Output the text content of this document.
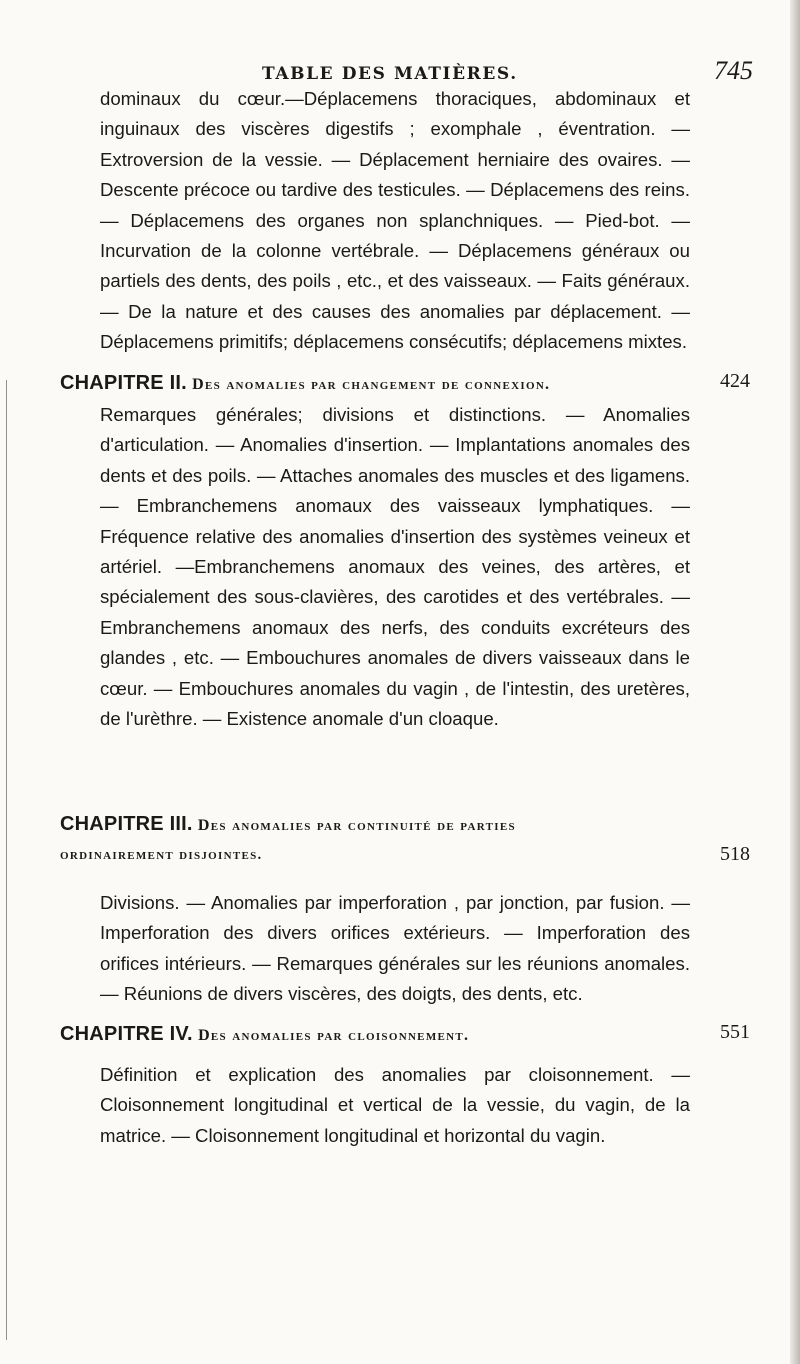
TABLE DES MATIÈRES.	745
dominaux du cœur.—Déplacemens thoraciques, abdominaux et inguinaux des viscères digestifs ; exomphale , éventration. — Extroversion de la vessie. — Déplacement herniaire des ovaires. — Descente précoce ou tardive des testicules. — Déplacemens des reins. — Déplacemens des organes non splanchniques. — Pied-bot. — Incurvation de la colonne vertébrale. — Déplacemens généraux ou partiels des dents, des poils , etc., et des vaisseaux. — Faits généraux. — De la nature et des causes des anomalies par déplacement. — Déplacemens primitifs; déplacemens consécutifs; déplacemens mixtes.
CHAPITRE II. Des anomalies par changement de connexion.	424
Remarques générales; divisions et distinctions. — Anomalies d'articulation. — Anomalies d'insertion. — Implantations anomales des dents et des poils. — Attaches anomales des muscles et des ligamens. — Embranchemens anomaux des vaisseaux lymphatiques. — Fréquence relative des anomalies d'insertion des systèmes veineux et artériel. —Embranchemens anomaux des veines, des artères, et spécialement des sous-clavières, des carotides et des vertébrales. — Embranchemens anomaux des nerfs, des conduits excréteurs des glandes , etc. — Embouchures anomales de divers vaisseaux dans le cœur. — Embouchures anomales du vagin , de l'intestin, des uretères, de l'urèthre. — Existence anomale d'un cloaque.
CHAPITRE III. Des anomalies par continuité de parties
ordinairement disjointes.	518
Divisions. — Anomalies par imperforation , par jonction, par fusion. — Imperforation des divers orifices extérieurs. — Imperforation des orifices intérieurs. — Remarques générales sur les réunions anomales. — Réunions de divers viscères, des doigts, des dents, etc.
CHAPITRE IV. Des anomalies par cloisonnement.	551
Définition et explication des anomalies par cloisonnement. — Cloisonnement longitudinal et vertical de la vessie, du vagin, de la matrice. — Cloisonnement longitudinal et horizontal du vagin.
